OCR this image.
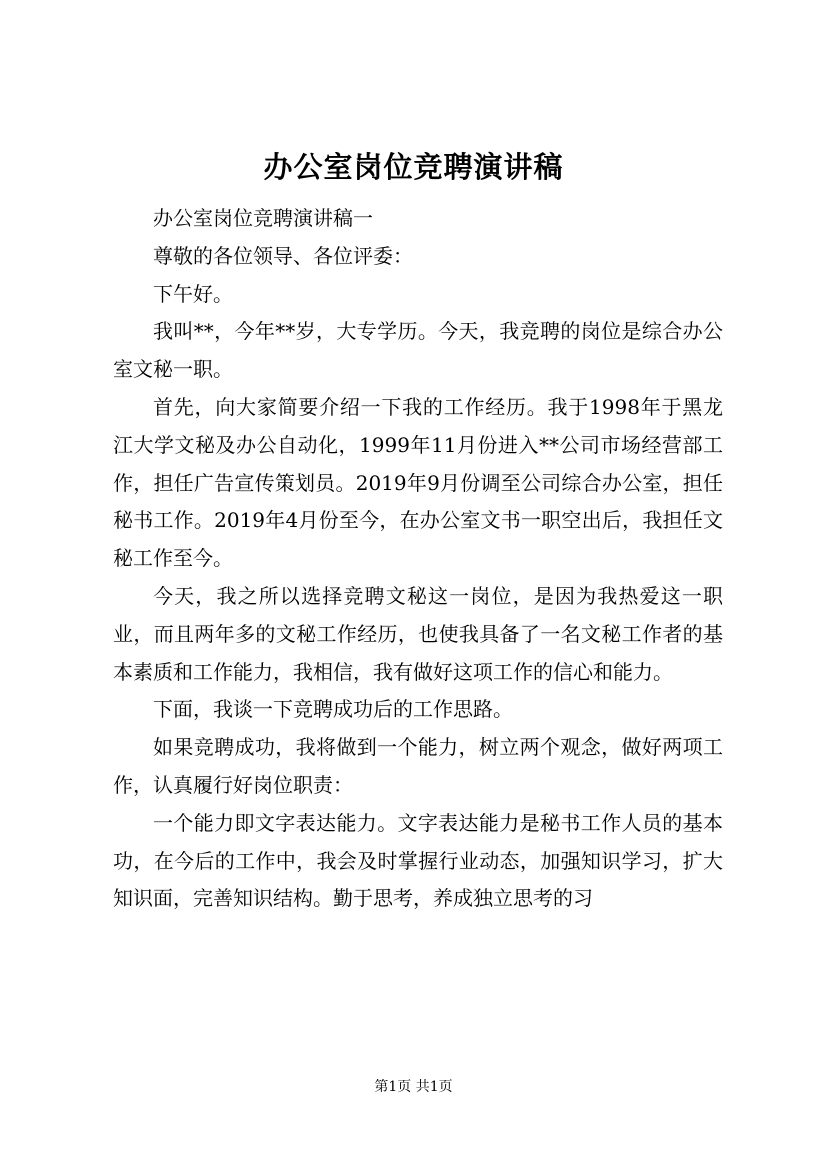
办公室岗位竞聘演讲稿

办公室岗位竞聘演讲稿一

尊敬的各位领导、各位评委：

下午好。

我叫**，今年**岁，大专学历。今天，我竞聘的岗位是综合办公室文秘一职。

首先，向大家简要介绍一下我的工作经历。我于1998年于黑龙江大学文秘及办公自动化，1999年11月份进入**公司市场经营部工作，担任广告宣传策划员。2019年9月份调至公司综合办公室，担任秘书工作。2019年4月份至今，在办公室文书一职空出后，我担任文秘工作至今。

今天，我之所以选择竞聘文秘这一岗位，是因为我热爱这一职业，而且两年多的文秘工作经历，也使我具备了一名文秘工作者的基本素质和工作能力，我相信，我有做好这项工作的信心和能力。

下面，我谈一下竞聘成功后的工作思路。

如果竞聘成功，我将做到一个能力，树立两个观念，做好两项工作，认真履行好岗位职责：

一个能力即文字表达能力。文字表达能力是秘书工作人员的基本功，在今后的工作中，我会及时掌握行业动态，加强知识学习，扩大知识面，完善知识结构。勤于思考，养成独立思考的习

第1页 共1页
